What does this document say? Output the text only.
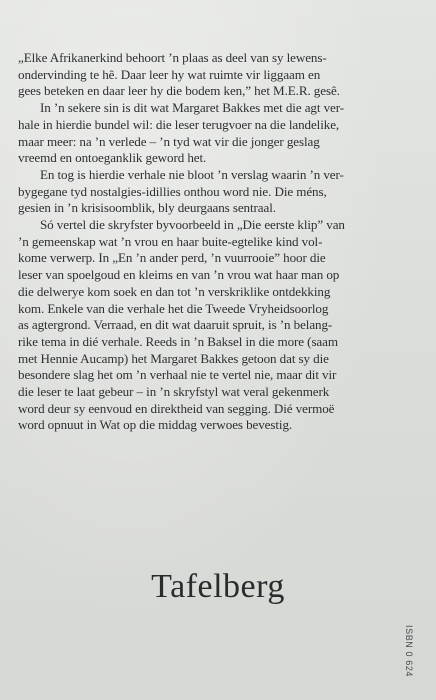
„Elke Afrikanerkind behoort ’n plaas as deel van sy lewens-
ondervinding te hê. Daar leer hy wat ruimte vir liggaam en
gees beteken en daar leer hy die bodem ken,” het M.E.R. gesê.

In ’n sekere sin is dit wat Margaret Bakkes met die agt ver-
hale in hierdie bundel wil: die leser terugvoer na die landelike,
maar meer: na ’n verlede – ’n tyd wat vir die jonger geslag
vreemd en ontoeganklik geword het.

En tog is hierdie verhale nie bloot ’n verslag waarin ’n ver-
bygegane tyd nostalgies-idillies onthou word nie. Die méns,
gesien in ’n krisisoomblik, bly deurgaans sentraal.

Só vertel die skryfster byvoorbeeld in „Die eerste klip” van
’n gemeenskap wat ’n vrou en haar buite-egtelike kind vol-
kome verwerp. In „En ’n ander perd, ’n vuurrooie” hoor die
leser van spoelgoud en kleims en van ’n vrou wat haar man op
die delwerye kom soek en dan tot ’n verskriklike ontdekking
kom. Enkele van die verhale het die Tweede Vryheidsoorlog
as agtergrond. Verraad, en dit wat daaruit spruit, is ’n belang-
rike tema in dié verhale. Reeds in ’n Baksel in die more (saam
met Hennie Aucamp) het Margaret Bakkes getoon dat sy die
besondere slag het om ’n verhaal nie te vertel nie, maar dit vir
die leser te laat gebeur – in ’n skryfstyl wat veral gekenmerk
word deur sy eenvoud en direktheid van segging. Dié vermoë
word opnuut in Wat op die middag verwoes bevestig.

Tafelberg
ISBN 0 624
